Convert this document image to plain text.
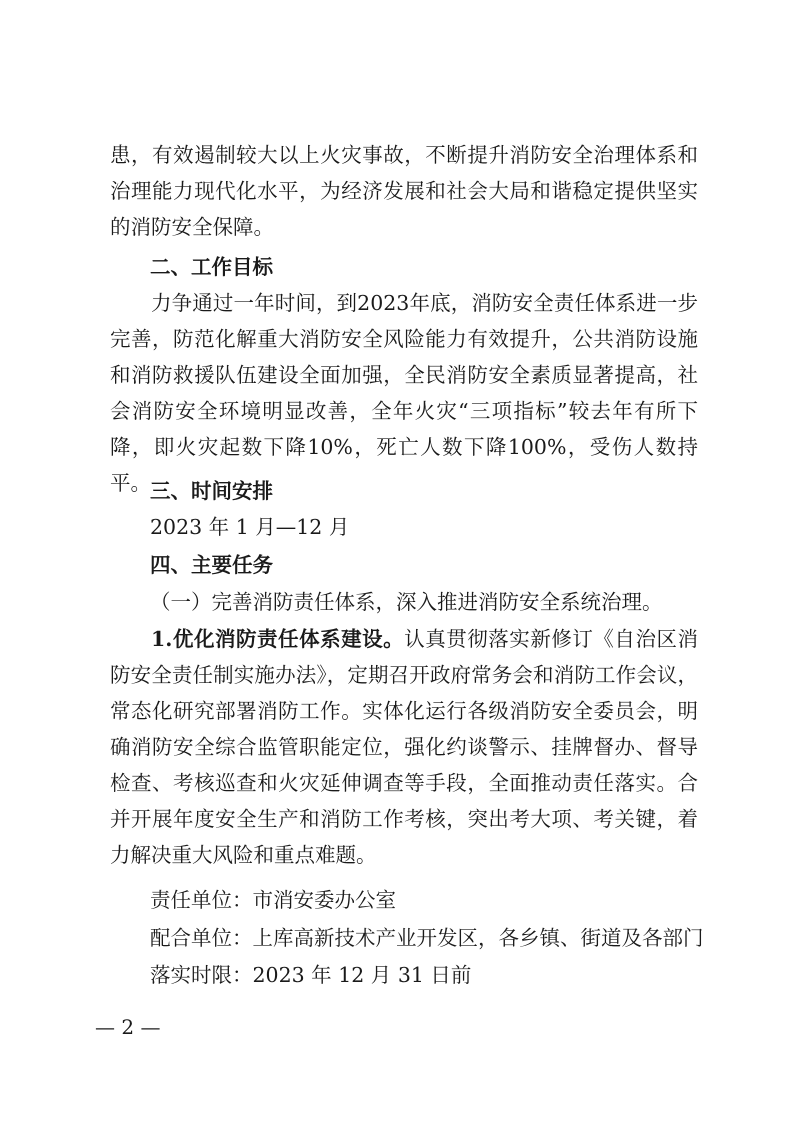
患，有效遏制较大以上火灾事故，不断提升消防安全治理体系和治理能力现代化水平，为经济发展和社会大局和谐稳定提供坚实的消防安全保障。

二、工作目标

力争通过一年时间，到2023年底，消防安全责任体系进一步完善，防范化解重大消防安全风险能力有效提升，公共消防设施和消防救援队伍建设全面加强，全民消防安全素质显著提高，社会消防安全环境明显改善，全年火灾“三项指标”较去年有所下降，即火灾起数下降10%，死亡人数下降100%，受伤人数持平。 三、时间安排

2023 年 1 月—12 月

四、主要任务

（一）完善消防责任体系，深入推进消防安全系统治理。

1.优化消防责任体系建设。认真贯彻落实新修订《自治区消防安全责任制实施办法》，定期召开政府常务会和消防工作会议，常态化研究部署消防工作。实体化运行各级消防安全委员会，明确消防安全综合监管职能定位，强化约谈警示、挂牌督办、督导检查、考核巡查和火灾延伸调查等手段，全面推动责任落实。合并开展年度安全生产和消防工作考核，突出考大项、考关键，着力解决重大风险和重点难题。

责任单位：市消安委办公室

配合单位：上库高新技术产业开发区，各乡镇、街道及各部门

落实时限：2023 年 12 月 31 日前

— 2 —
